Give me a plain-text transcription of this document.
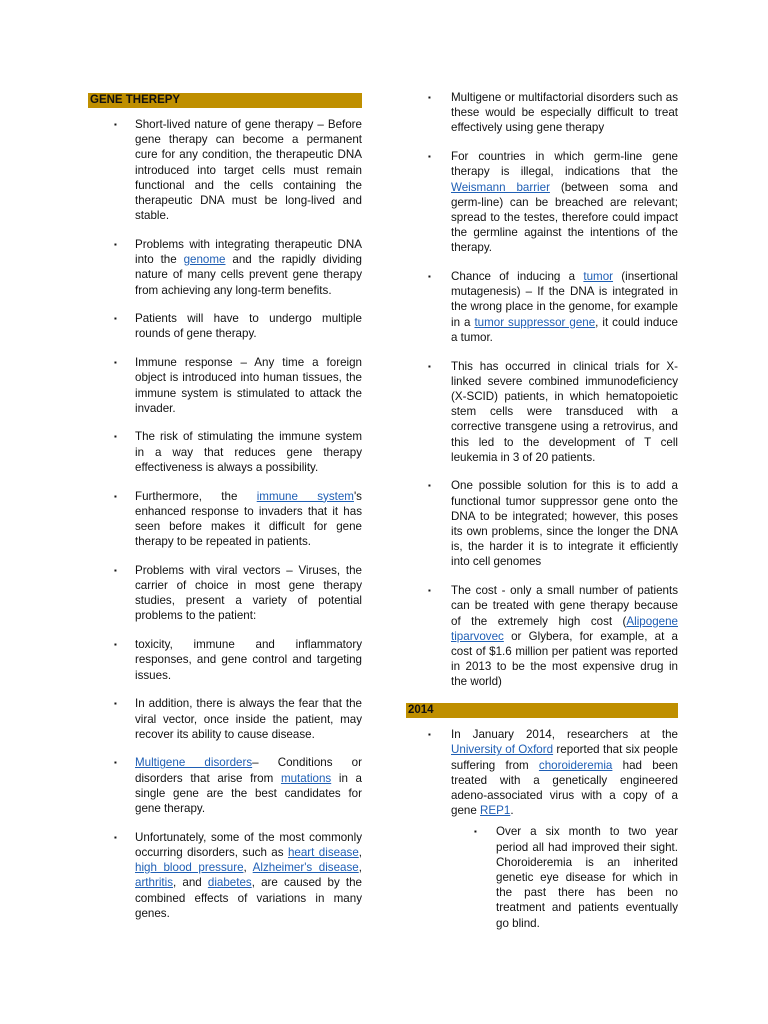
GENE THEREPY
▪ Short-lived nature of gene therapy – Before gene therapy can become a permanent cure for any condition, the therapeutic DNA introduced into target cells must remain functional and the cells containing the therapeutic DNA must be long-lived and stable.
▪ Problems with integrating therapeutic DNA into the genome and the rapidly dividing nature of many cells prevent gene therapy from achieving any long-term benefits.
▪ Patients will have to undergo multiple rounds of gene therapy.
▪ Immune response – Any time a foreign object is introduced into human tissues, the immune system is stimulated to attack the invader.
▪ The risk of stimulating the immune system in a way that reduces gene therapy effectiveness is always a possibility.
▪ Furthermore, the immune system's enhanced response to invaders that it has seen before makes it difficult for gene therapy to be repeated in patients.
▪ Problems with viral vectors – Viruses, the carrier of choice in most gene therapy studies, present a variety of potential problems to the patient:
▪ toxicity, immune and inflammatory responses, and gene control and targeting issues.
▪ In addition, there is always the fear that the viral vector, once inside the patient, may recover its ability to cause disease.
▪ Multigene disorders– Conditions or disorders that arise from mutations in a single gene are the best candidates for gene therapy.
▪ Unfortunately, some of the most commonly occurring disorders, such as heart disease, high blood pressure, Alzheimer's disease, arthritis, and diabetes, are caused by the combined effects of variations in many genes.
▪ Multigene or multifactorial disorders such as these would be especially difficult to treat effectively using gene therapy
▪ For countries in which germ-line gene therapy is illegal, indications that the Weismann barrier (between soma and germ-line) can be breached are relevant; spread to the testes, therefore could impact the germline against the intentions of the therapy.
▪ Chance of inducing a tumor (insertional mutagenesis) – If the DNA is integrated in the wrong place in the genome, for example in a tumor suppressor gene, it could induce a tumor.
▪ This has occurred in clinical trials for X-linked severe combined immunodeficiency (X-SCID) patients, in which hematopoietic stem cells were transduced with a corrective transgene using a retrovirus, and this led to the development of T cell leukemia in 3 of 20 patients.
▪ One possible solution for this is to add a functional tumor suppressor gene onto the DNA to be integrated; however, this poses its own problems, since the longer the DNA is, the harder it is to integrate it efficiently into cell genomes
▪ The cost - only a small number of patients can be treated with gene therapy because of the extremely high cost (Alipogene tiparvovec or Glybera, for example, at a cost of $1.6 million per patient was reported in 2013 to be the most expensive drug in the world)
2014
▪ In January 2014, researchers at the University of Oxford reported that six people suffering from choroideremia had been treated with a genetically engineered adeno-associated virus with a copy of a gene REP1.
▪ Over a six month to two year period all had improved their sight. Choroideremia is an inherited genetic eye disease for which in the past there has been no treatment and patients eventually go blind.
